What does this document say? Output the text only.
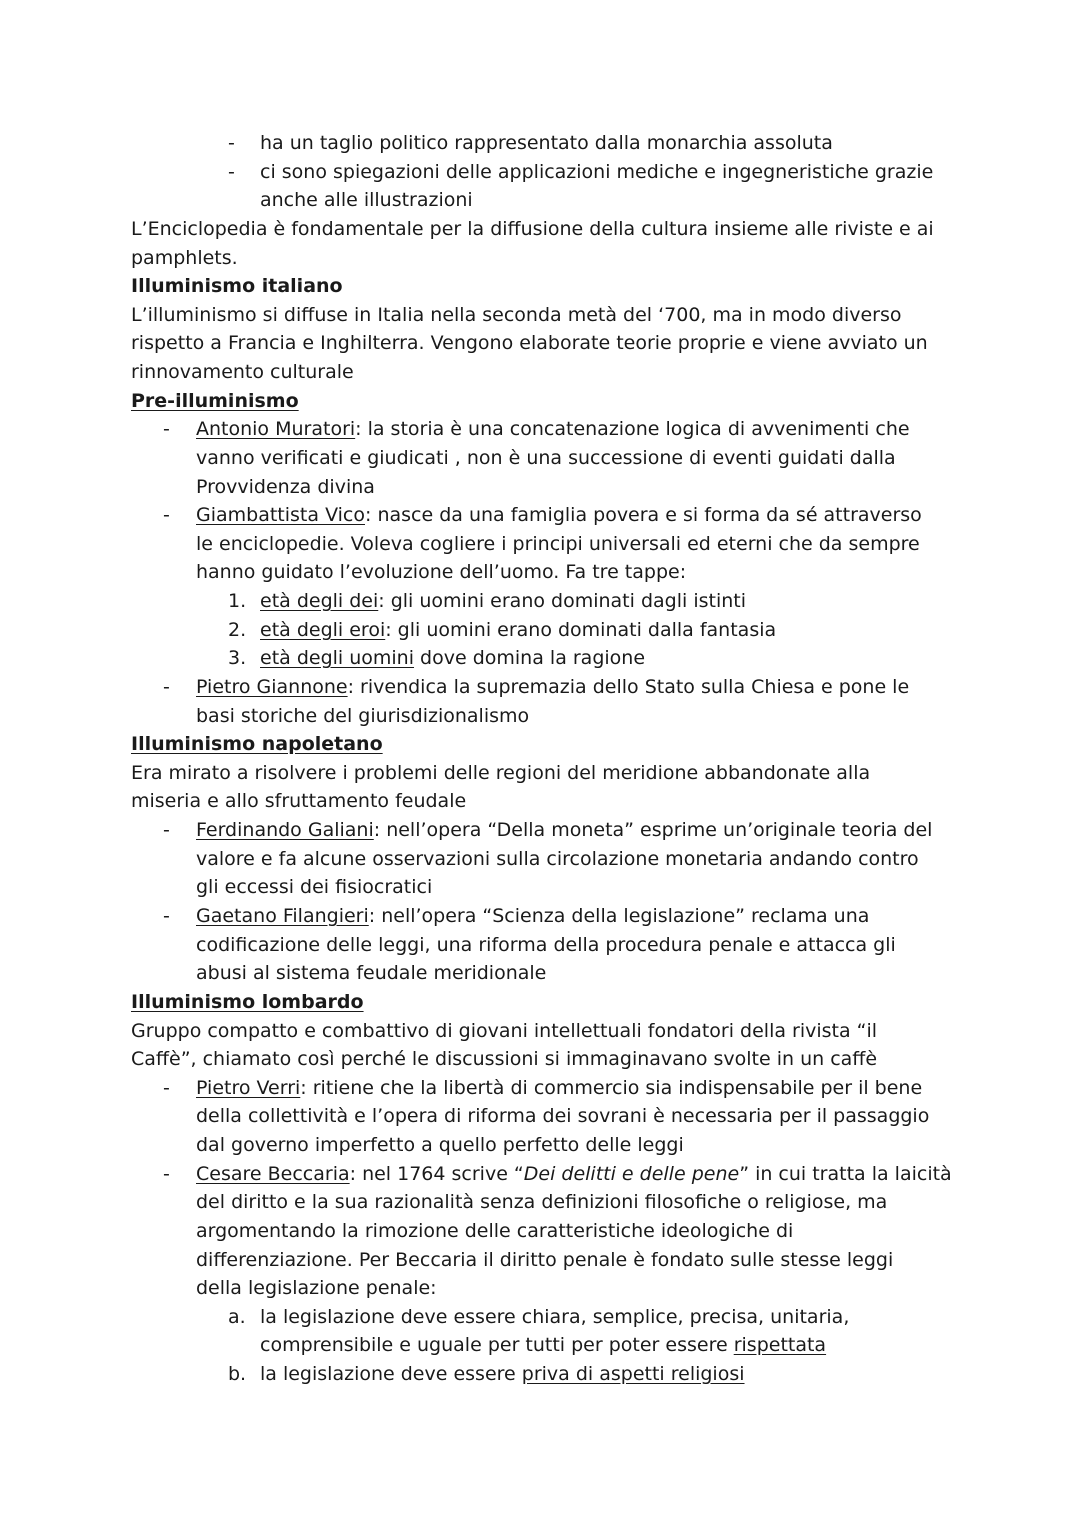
- ha un taglio politico rappresentato dalla monarchia assoluta
- ci sono spiegazioni delle applicazioni mediche e ingegneristiche grazie
anche alle illustrazioni
L’Enciclopedia è fondamentale per la diffusione della cultura insieme alle riviste e ai
pamphlets.
Illuminismo italiano
L’illuminismo si diffuse in Italia nella seconda metà del ‘700, ma in modo diverso
rispetto a Francia e Inghilterra. Vengono elaborate teorie proprie e viene avviato un
rinnovamento culturale
Pre-illuminismo
- Antonio Muratori: la storia è una concatenazione logica di avvenimenti che
vanno verificati e giudicati , non è una successione di eventi guidati dalla
Provvidenza divina
- Giambattista Vico: nasce da una famiglia povera e si forma da sé attraverso
le enciclopedie. Voleva cogliere i principi universali ed eterni che da sempre
hanno guidato l’evoluzione dell’uomo. Fa tre tappe:
1. età degli dei: gli uomini erano dominati dagli istinti
2. età degli eroi: gli uomini erano dominati dalla fantasia
3. età degli uomini dove domina la ragione
- Pietro Giannone: rivendica la supremazia dello Stato sulla Chiesa e pone le
basi storiche del giurisdizionalismo
Illuminismo napoletano
Era mirato a risolvere i problemi delle regioni del meridione abbandonate alla
miseria e allo sfruttamento feudale
- Ferdinando Galiani: nell’opera “Della moneta” esprime un’originale teoria del
valore e fa alcune osservazioni sulla circolazione monetaria andando contro
gli eccessi dei fisiocratici
- Gaetano Filangieri: nell’opera “Scienza della legislazione” reclama una
codificazione delle leggi, una riforma della procedura penale e attacca gli
abusi al sistema feudale meridionale
Illuminismo lombardo
Gruppo compatto e combattivo di giovani intellettuali fondatori della rivista “il
Caffè”, chiamato così perché le discussioni si immaginavano svolte in un caffè
- Pietro Verri: ritiene che la libertà di commercio sia indispensabile per il bene
della collettività e l’opera di riforma dei sovrani è necessaria per il passaggio
dal governo imperfetto a quello perfetto delle leggi
- Cesare Beccaria: nel 1764 scrive “Dei delitti e delle pene” in cui tratta la laicità
del diritto e la sua razionalità senza definizioni filosofiche o religiose, ma
argomentando la rimozione delle caratteristiche ideologiche di
differenziazione. Per Beccaria il diritto penale è fondato sulle stesse leggi
della legislazione penale:
a. la legislazione deve essere chiara, semplice, precisa, unitaria,
comprensibile e uguale per tutti per poter essere rispettata
b. la legislazione deve essere priva di aspetti religiosi
